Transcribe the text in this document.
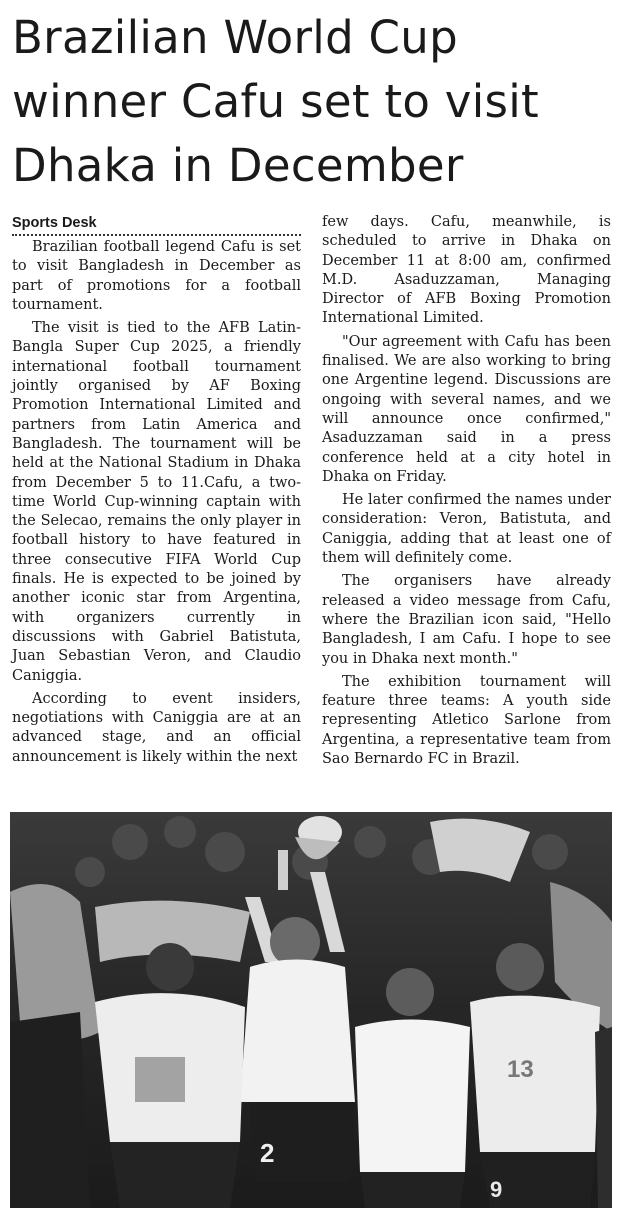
Brazilian World Cup winner Cafu set to visit Dhaka in December
Sports Desk

Brazilian football legend Cafu is set to visit Bangladesh in December as part of promotions for a football tournament.

The visit is tied to the AFB Latin-Bangla Super Cup 2025, a friendly international football tournament jointly organised by AF Boxing Promotion International Limited and partners from Latin America and Bangladesh. The tournament will be held at the National Stadium in Dhaka from December 5 to 11.Cafu, a two-time World Cup-winning captain with the Selecao, remains the only player in football history to have featured in three consecutive FIFA World Cup finals. He is expected to be joined by another iconic star from Argentina, with organizers currently in discussions with Gabriel Batistuta, Juan Sebastian Veron, and Claudio Caniggia.

According to event insiders, negotiations with Caniggia are at an advanced stage, and an official announcement is likely within the next

few days. Cafu, meanwhile, is scheduled to arrive in Dhaka on December 11 at 8:00 am, confirmed M.D. Asaduzzaman, Managing Director of AFB Boxing Promotion International Limited.

"Our agreement with Cafu has been finalised. We are also working to bring one Argentine legend. Discussions are ongoing with several names, and we will announce once confirmed," Asaduzzaman said in a press conference held at a city hotel in Dhaka on Friday.

He later confirmed the names under consideration: Veron, Batistuta, and Caniggia, adding that at least one of them will definitely come.

The organisers have already released a video message from Cafu, where the Brazilian icon said, "Hello Bangladesh, I am Cafu. I hope to see you in Dhaka next month."

The exhibition tournament will feature three teams: A youth side representing Atletico Sarlone from Argentina, a representative team from Sao Bernardo FC in Brazil.

2
13
9
